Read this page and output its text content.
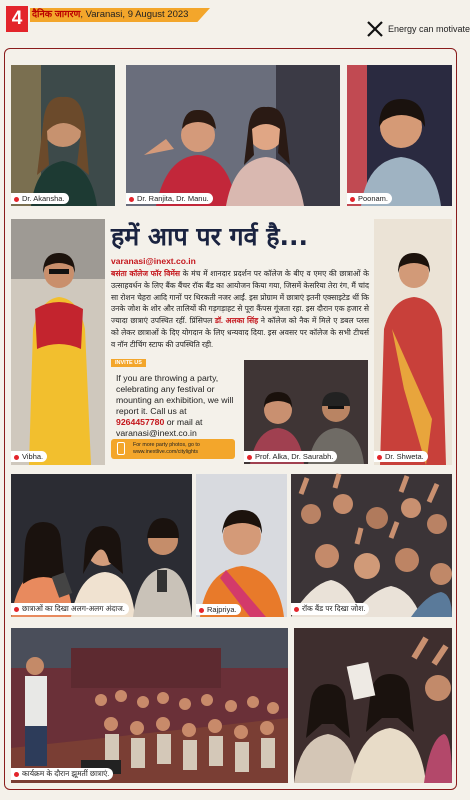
4	दैनिक जागरण, Varanasi, 9 August 2023
Energy can motivate
Dr. Akansha.	Dr. Ranjita, Dr. Manu.	Poonam.
Vibha.
हमें आप पर गर्व है...
varanasi@inext.co.in
बसंता कॉलेज फॉर विमेंस के मंच में शानदार प्रदर्शन पर कॉलेज के बीए व एमए की छात्राओं के उत्साहवर्धन के लिए बैंक बैंचर रॉक बैंड का आयोजन किया गया, जिसमें केसरिया तेरा रंग, मैं चांद सा रोशन चेहरा आदि गानों पर थिरकती नजर आईं. इस प्रोग्राम में छात्राएं इतनी एक्साइटेड थीं कि उनके जोश के शोर और तालियों की गड़गड़ाहट से पूरा कैंपस गूंजता रहा. इस दौरान एक हजार से ज्यादा छात्राएं उपस्थित रहीं. प्रिंसिपल डॉ. अलका सिंह ने कॉलेज को नैक में मिले ए डबल प्लस को लेकर छात्राओं के दिए योगदान के लिए धन्यवाद दिया. इस अवसर पर कॉलेज के सभी टीचर्स व नॉन टीचिंग स्टाफ की उपस्थिति रही.
INVITE US
If you are throwing a party, celebrating any festival or mounting an exhibition, we will report it. Call us at 9264457780 or mail at varanasi@inext.co.in
For more party photos, go to www.inextlive.com/citylights	Prof. Alka, Dr. Saurabh.	Dr. Shweta.
छात्राओं का दिखा अलग-अलग अंदाज.	Rajpriya.	रॉक बैंड पर दिखा जोश.
कार्यक्रम के दौरान झूमतीं छात्राएं.
